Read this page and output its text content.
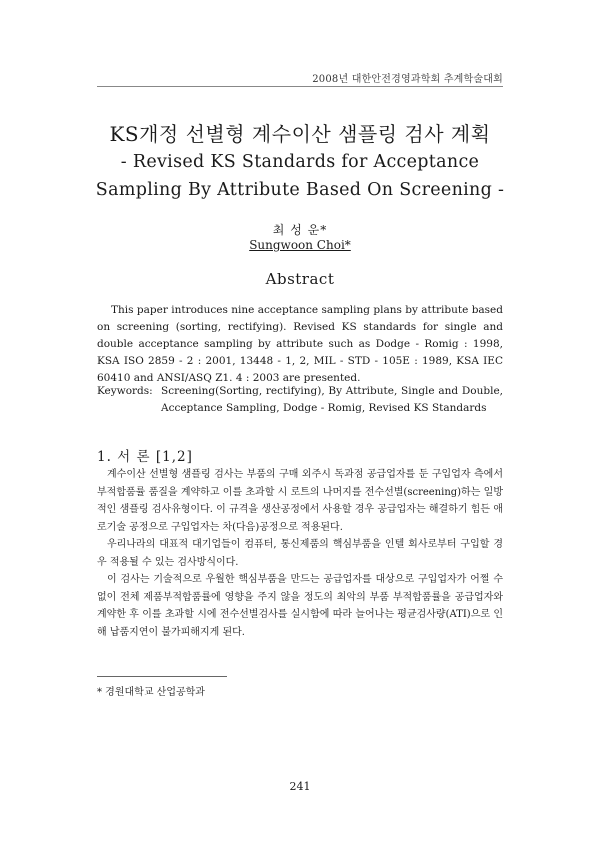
2008년 대한안전경영과학회 추계학술대회

KS개정 선별형 계수이산 샘플링 검사 계획

- Revised KS Standards for Acceptance

Sampling By Attribute Based On Screening -

최 성 운*
Sungwoon Choi*
Abstract

This paper introduces nine acceptance sampling plans by attribute based on screening (sorting, rectifying). Revised KS standards for single and double acceptance sampling by attribute such as Dodge - Romig : 1998, KSA ISO 2859 - 2 : 2001, 13448 - 1, 2, MIL - STD - 105E : 1989, KSA IEC 60410 and ANSI/ASQ Z1. 4 : 2003 are presented.

Keywords: Screening(Sorting, rectifying), By Attribute, Single and Double, Acceptance Sampling, Dodge - Romig, Revised KS Standards
1. 서 론 [1,2]

계수이산 선별형 샘플링 검사는 부품의 구매 외주시 독과점 공급업자를 둔 구입업자 측에서 부적합품률 품질을 계약하고 이를 초과할 시 로트의 나머지를 전수선별(screening)하는 일방적인 샘플링 검사유형이다. 이 규격을 생산공정에서 사용할 경우 공급업자는 해결하기 힘든 애로기술 공정으로 구입업자는 차(다음)공정으로 적용된다.

우리나라의 대표적 대기업들이 컴퓨터, 통신제품의 핵심부품을 인텔 회사로부터 구입할 경우 적용될 수 있는 검사방식이다.

이 검사는 기술적으로 우월한 핵심부품을 만드는 공급업자를 대상으로 구입업자가 어쩔 수 없이 전체 제품부적합품률에 영향을 주지 않을 정도의 최악의 부품 부적합품률을 공급업자와 계약한 후 이를 초과할 시에 전수선별검사를 실시함에 따라 늘어나는 평균검사량(ATI)으로 인해 납품지연이 불가피해지게 된다.

* 경원대학교 산업공학과
241
